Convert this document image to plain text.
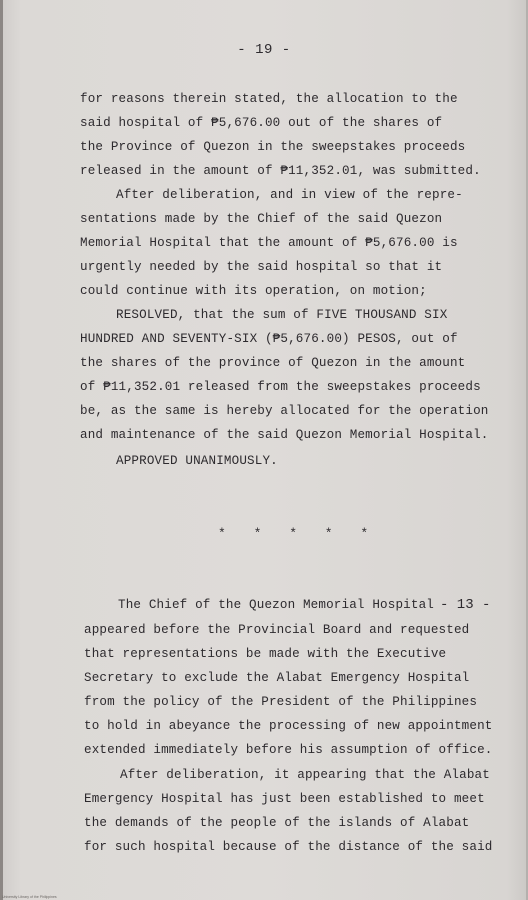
- 19 -
for reasons therein stated, the allocation to the
said hospital of ₱5,676.00 out of the shares of
the Province of Quezon in the sweepstakes proceeds
released in the amount of ₱11,352.01, was submitted.
After deliberation, and in view of the repre-
sentations made by the Chief of the said Quezon
Memorial Hospital that the amount of ₱5,676.00 is
urgently needed by the said hospital so that it
could continue with its operation, on motion;
RESOLVED, that the sum of FIVE THOUSAND SIX
HUNDRED AND SEVENTY-SIX (₱5,676.00) PESOS, out of
the shares of the province of Quezon in the amount
of ₱11,352.01 released from the sweepstakes proceeds
be, as the same is hereby allocated for the operation
and maintenance of the said Quezon Memorial Hospital.
APPROVED UNANIMOUSLY.
* * * * *
The Chief of the Quezon Memorial Hospital - 13 -
appeared before the Provincial Board and requested
that representations be made with the Executive
Secretary to exclude the Alabat Emergency Hospital
from the policy of the President of the Philippines
to hold in abeyance the processing of new appointment
extended immediately before his assumption of office.
After deliberation, it appearing that the Alabat
Emergency Hospital has just been established to meet
the demands of the people of the islands of Alabat
for such hospital because of the distance of the said
University Library of the Philippines
